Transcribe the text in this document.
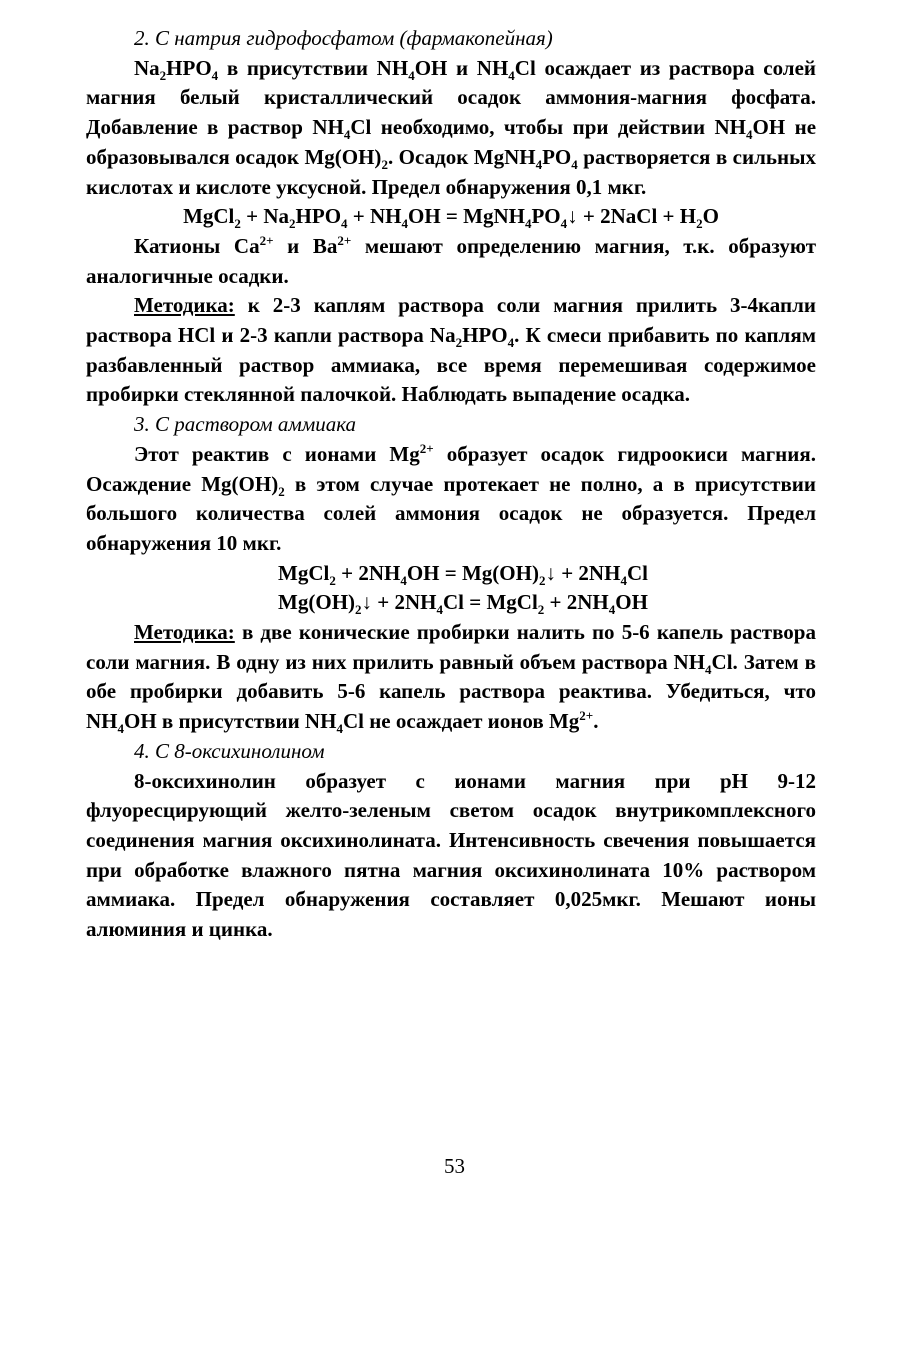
2. С натрия гидрофосфатом (фармакопейная)

$Na_2HPO_4$ в присутствии $NH_4OH$ и $NH_4Cl$ осаждает из раствора солей магния белый кристаллический осадок аммония-магния фосфата. Добавление в раствор $NH_4Cl$ необходимо, чтобы при действии $NH_4OH$ не образовывался осадок $Mg(OH)_2$. Осадок $MgNH_4PO_4$ растворяется в сильных кислотах и кислоте уксусной. Предел обнаружения 0,1 мкг.

MgCl$_2$ + $Na_2HPO_4 + NH_4OH$ = $MgNH_4PO_4↓$ + 2NaCl + $H_2O$

Катионы $Ca^{2+}$ и $Ba^{2+}$ мешают определению магния, т.к. образуют аналогичные осадки.

Методика: к 2-3 каплям раствора соли магния прилить 3-4капли раствора HCl и 2-3 капли раствора $Na_2HPO_4$. К смеси прибавить по каплям разбавленный раствор аммиака, все время перемешивая содержимое пробирки стеклянной палочкой. Наблюдать выпадение осадка.

3. С раствором аммиака

Этот реактив с ионами $Mg^{2+}$ образует осадок гидроокиси магния. Осаждение $Mg(OH)_2$ в этом случае протекает не полно, а в присутствии большого количества солей аммония осадок не образуется. Предел обнаружения 10 мкг.

MgCl$_2$ + $2NH_4OH$ = $Mg(OH)_2↓ + 2NH_4Cl$

$Mg(OH)_2↓ + 2NH_4Cl$ = MgCl$_2$ + $2NH_4OH$

Методика: в две конические пробирки налить по 5-6 капель раствора соли магния. В одну из них прилить равный объем раствора $NH_4Cl$. Затем в обе пробирки добавить 5-6 капель раствора реактива. Убедиться, что $NH_4OH$ в присутствии $NH_4Cl$ не осаждает ионов $Mg^{2+}$.

4. С 8-оксихинолином

8-оксихинолин образует с ионами магния при pH 9-12 флуоресцирующий желто-зеленым светом осадок внутрикомплексного соединения магния оксихинолината. Интенсивность свечения повышается при обработке влажного пятна магния оксихинолината 10% раствором аммиака. Предел обнаружения составляет 0,025мкг. Мешают ионы алюминия и цинка.

53
